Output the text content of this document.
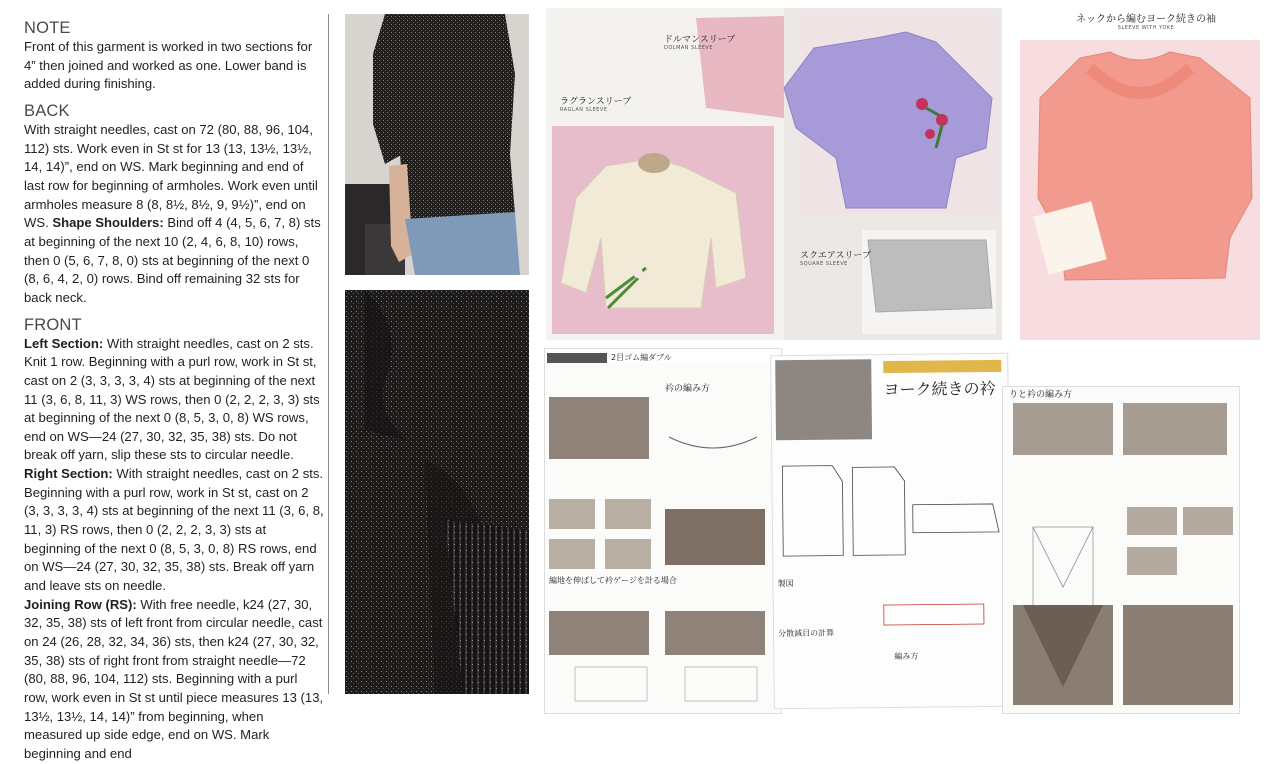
NOTE

Front of this garment is worked in two sections for 4” then joined and worked as one. Lower band is added during finishing.

BACK

With straight needles, cast on 72 (80, 88, 96, 104, 112) sts. Work even in St st for 13 (13, 13½, 13½, 14, 14)”, end on WS. Mark beginning and end of last row for beginning of armholes. Work even until armholes measure 8 (8, 8½, 8½, 9, 9½)”, end on WS. Shape Shoulders: Bind off 4 (4, 5, 6, 7, 8) sts at beginning of the next 10 (2, 4, 6, 8, 10) rows, then 0 (5, 6, 7, 8, 0) sts at beginning of the next 0 (8, 6, 4, 2, 0) rows. Bind off remaining 32 sts for back neck.

FRONT

Left Section: With straight needles, cast on 2 sts. Knit 1 row. Beginning with a purl row, work in St st, cast on 2 (3, 3, 3, 3, 4) sts at beginning of the next 11 (3, 6, 8, 11, 3) WS rows, then 0 (2, 2, 2, 3, 3) sts at beginning of the next 0 (8, 5, 3, 0, 8) WS rows, end on WS—24 (27, 30, 32, 35, 38) sts. Do not break off yarn, slip these sts to circular needle.

Right Section: With straight needles, cast on 2 sts. Beginning with a purl row, work in St st, cast on 2 (3, 3, 3, 3, 4) sts at beginning of the next 11 (3, 6, 8, 11, 3) RS rows, then 0 (2, 2, 2, 3, 3) sts at beginning of the next 0 (8, 5, 3, 0, 8) RS rows, end on WS—24 (27, 30, 32, 35, 38) sts. Break off yarn and leave sts on needle.

Joining Row (RS): With free needle, k24 (27, 30, 32, 35, 38) sts of left front from circular needle, cast on 24 (26, 28, 32, 34, 36) sts, then k24 (27, 30, 32, 35, 38) sts of right front from straight needle—72 (80, 88, 96, 104, 112) sts. Beginning with a purl row, work even in St st until piece measures 13 (13, 13½, 13½, 14, 14)” from beginning, when measured up side edge, end on WS. Mark beginning and end

ドルマンスリーブ
DOLMAN SLEEVE
ラグランスリーブ
RAGLAN SLEEVE
スクエアスリーブ
SQUARE SLEEVE
ネックから編むヨーク続きの袖
SLEEVE WITH YOKE
2目ゴム編ダブル
衿の編み方
編地を伸ばして衿ゲージを計る場合
ヨーク続きの衿
製図
分散減目の計算
編み方
りと衿の編み方
